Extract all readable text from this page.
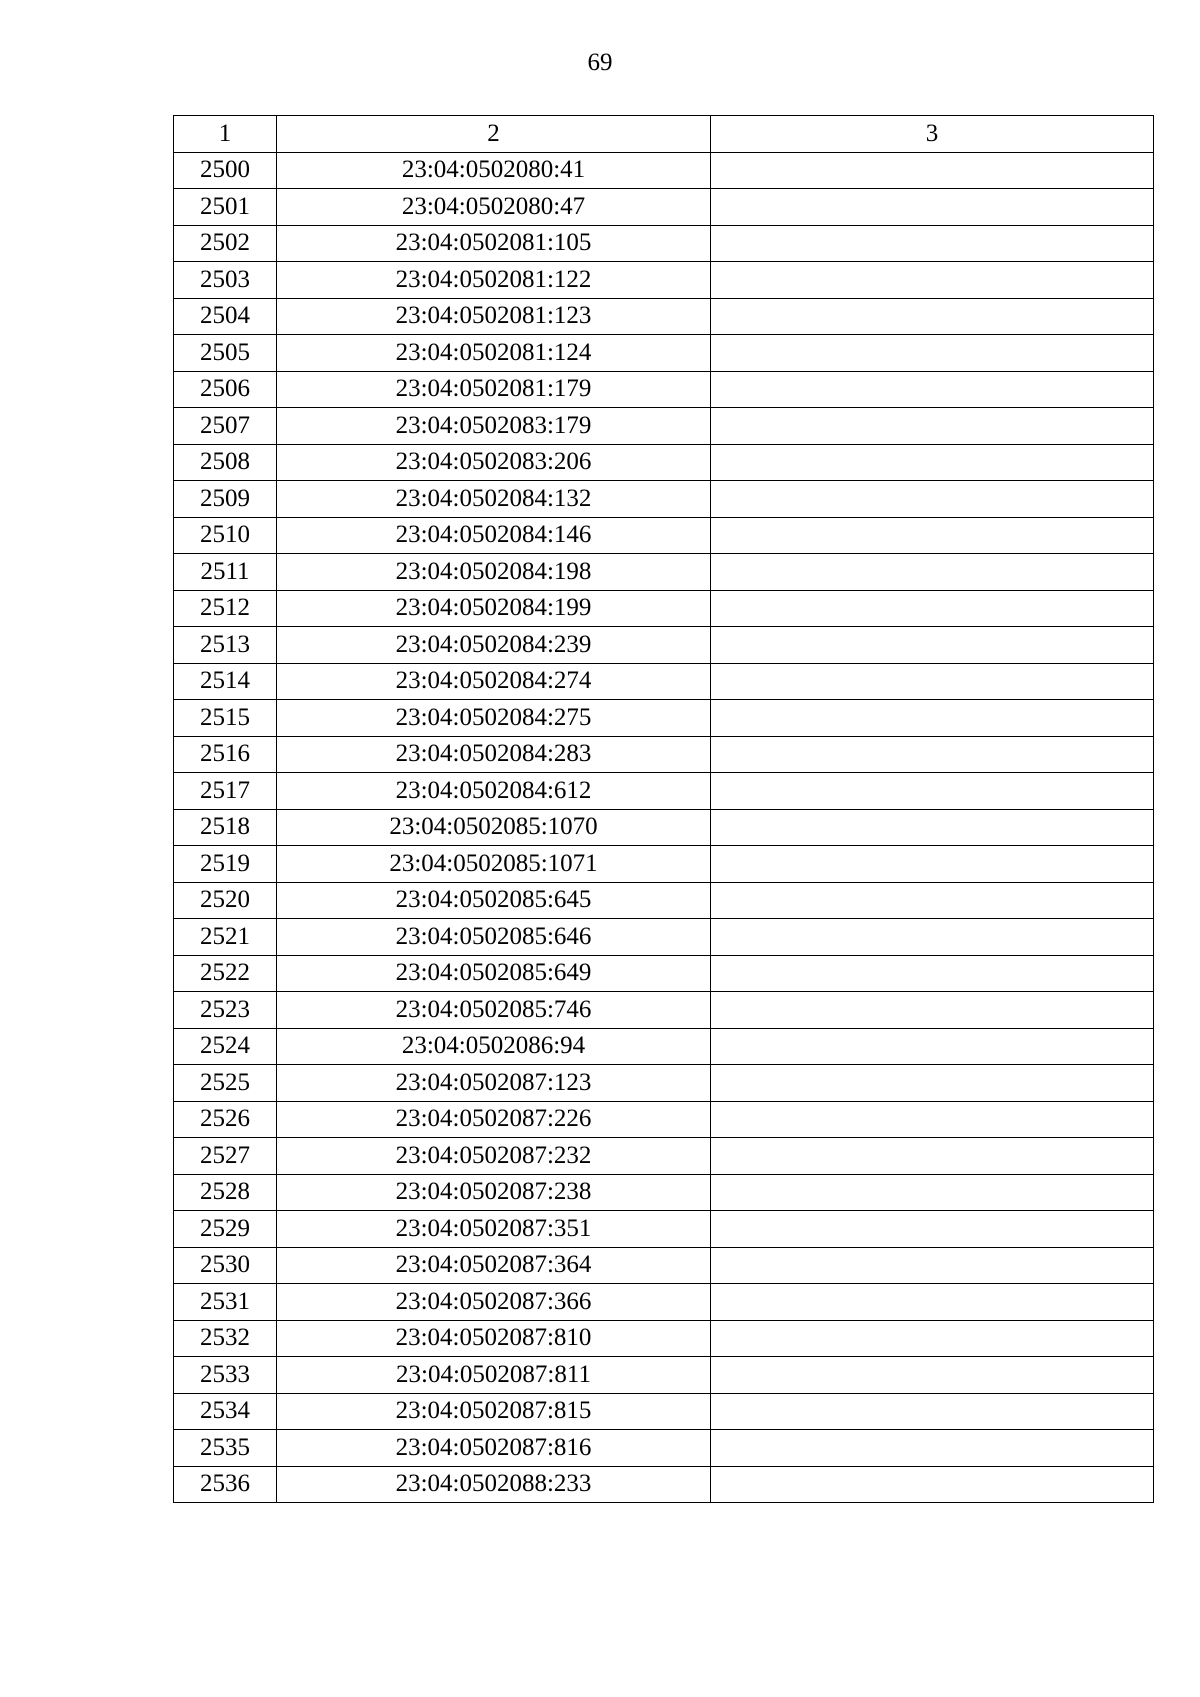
69
1	2	3
2500	23:04:0502080:41	
2501	23:04:0502080:47	
2502	23:04:0502081:105	
2503	23:04:0502081:122	
2504	23:04:0502081:123	
2505	23:04:0502081:124	
2506	23:04:0502081:179	
2507	23:04:0502083:179	
2508	23:04:0502083:206	
2509	23:04:0502084:132	
2510	23:04:0502084:146	
2511	23:04:0502084:198	
2512	23:04:0502084:199	
2513	23:04:0502084:239	
2514	23:04:0502084:274	
2515	23:04:0502084:275	
2516	23:04:0502084:283	
2517	23:04:0502084:612	
2518	23:04:0502085:1070	
2519	23:04:0502085:1071	
2520	23:04:0502085:645	
2521	23:04:0502085:646	
2522	23:04:0502085:649	
2523	23:04:0502085:746	
2524	23:04:0502086:94	
2525	23:04:0502087:123	
2526	23:04:0502087:226	
2527	23:04:0502087:232	
2528	23:04:0502087:238	
2529	23:04:0502087:351	
2530	23:04:0502087:364	
2531	23:04:0502087:366	
2532	23:04:0502087:810	
2533	23:04:0502087:811	
2534	23:04:0502087:815	
2535	23:04:0502087:816	
2536	23:04:0502088:233	
